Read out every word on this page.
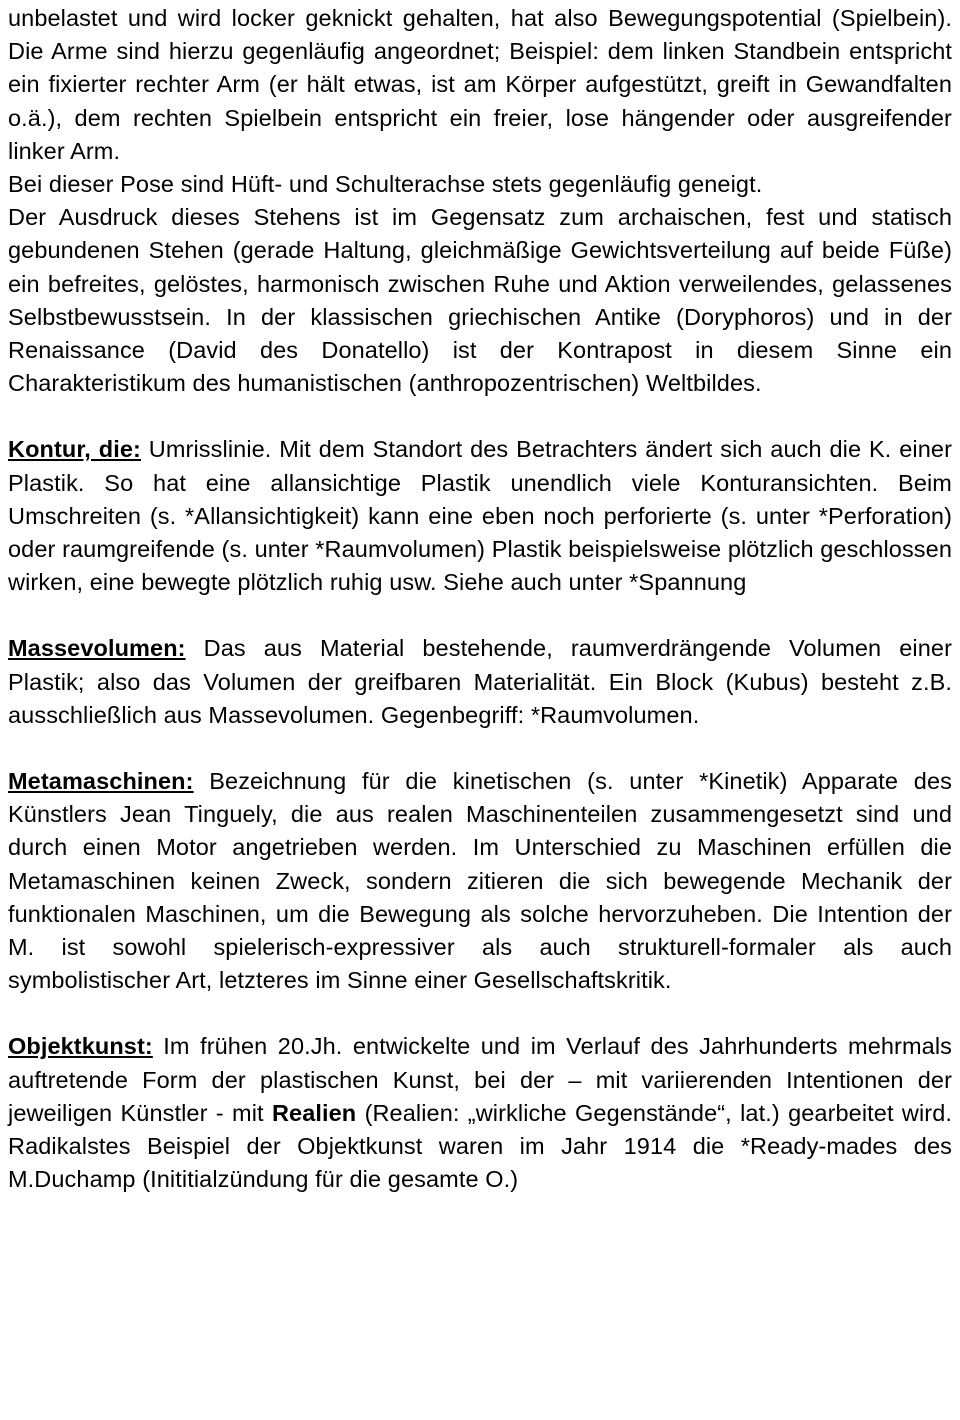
unbelastet und wird locker geknickt gehalten, hat also Bewegungspotential (Spielbein). Die Arme sind hierzu gegenläufig angeordnet; Beispiel: dem linken Standbein entspricht ein fixierter rechter Arm (er hält etwas, ist am Körper aufgestützt, greift in Gewandfalten o.ä.), dem rechten Spielbein entspricht ein freier, lose hängender oder ausgreifender linker Arm.

Bei dieser Pose sind Hüft- und Schulterachse stets gegenläufig geneigt.

Der Ausdruck dieses Stehens ist im Gegensatz zum archaischen, fest und statisch gebundenen Stehen (gerade Haltung, gleichmäßige Gewichtsverteilung auf beide Füße) ein befreites, gelöstes, harmonisch zwischen Ruhe und Aktion verweilendes, gelassenes Selbstbewusstsein. In der klassischen griechischen Antike (Doryphoros) und in der Renaissance (David des Donatello) ist der Kontrapost in diesem Sinne ein Charakteristikum des humanistischen (anthropozentrischen) Weltbildes.

Kontur, die: Umrisslinie. Mit dem Standort des Betrachters ändert sich auch die K. einer Plastik. So hat eine allansichtige Plastik unendlich viele Konturansichten. Beim Umschreiten (s. *Allansichtigkeit) kann eine eben noch perforierte (s. unter *Perforation) oder raumgreifende (s. unter *Raumvolumen) Plastik beispielsweise plötzlich geschlossen wirken, eine bewegte plötzlich ruhig usw. Siehe auch unter *Spannung

Massevolumen: Das aus Material bestehende, raumverdrängende Volumen einer Plastik; also das Volumen der greifbaren Materialität. Ein Block (Kubus) besteht z.B. ausschließlich aus Massevolumen. Gegenbegriff: *Raumvolumen.

Metamaschinen: Bezeichnung für die kinetischen (s. unter *Kinetik) Apparate des Künstlers Jean Tinguely, die aus realen Maschinenteilen zusammengesetzt sind und durch einen Motor angetrieben werden. Im Unterschied zu Maschinen erfüllen die Metamaschinen keinen Zweck, sondern zitieren die sich bewegende Mechanik der funktionalen Maschinen, um die Bewegung als solche hervorzuheben. Die Intention der M. ist sowohl spielerisch-expressiver als auch strukturell-formaler als auch symbolistischer Art, letzteres im Sinne einer Gesellschaftskritik.

Objektkunst: Im frühen 20.Jh. entwickelte und im Verlauf des Jahrhunderts mehrmals auftretende Form der plastischen Kunst, bei der – mit variierenden Intentionen der jeweiligen Künstler - mit Realien (Realien: „wirkliche Gegenstände“, lat.) gearbeitet wird. Radikalstes Beispiel der Objektkunst waren im Jahr 1914 die *Ready-mades des M.Duchamp (Inititialzündung für die gesamte O.)
